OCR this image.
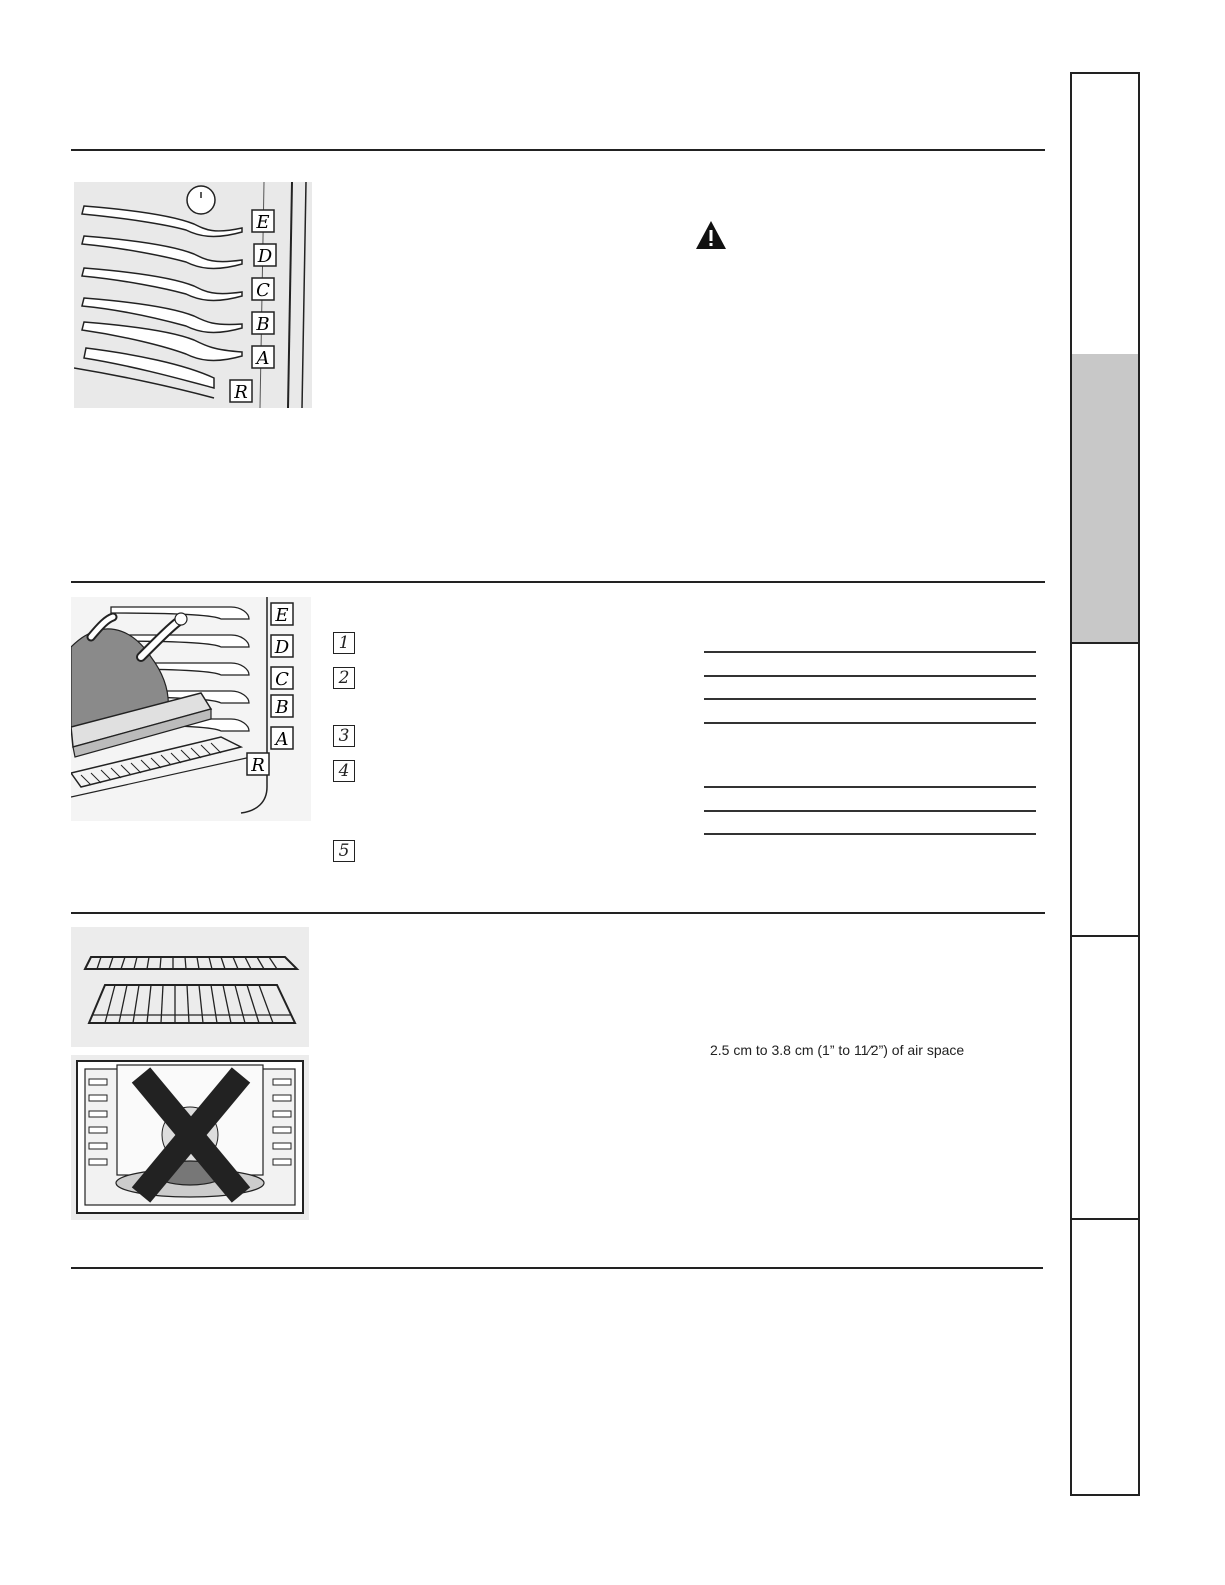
E
D
C
B
A
R
E
D
C
B
A
R
1
2
3
4
5
2.5 cm to 3.8 cm (1” to 11⁄2”) of air space
